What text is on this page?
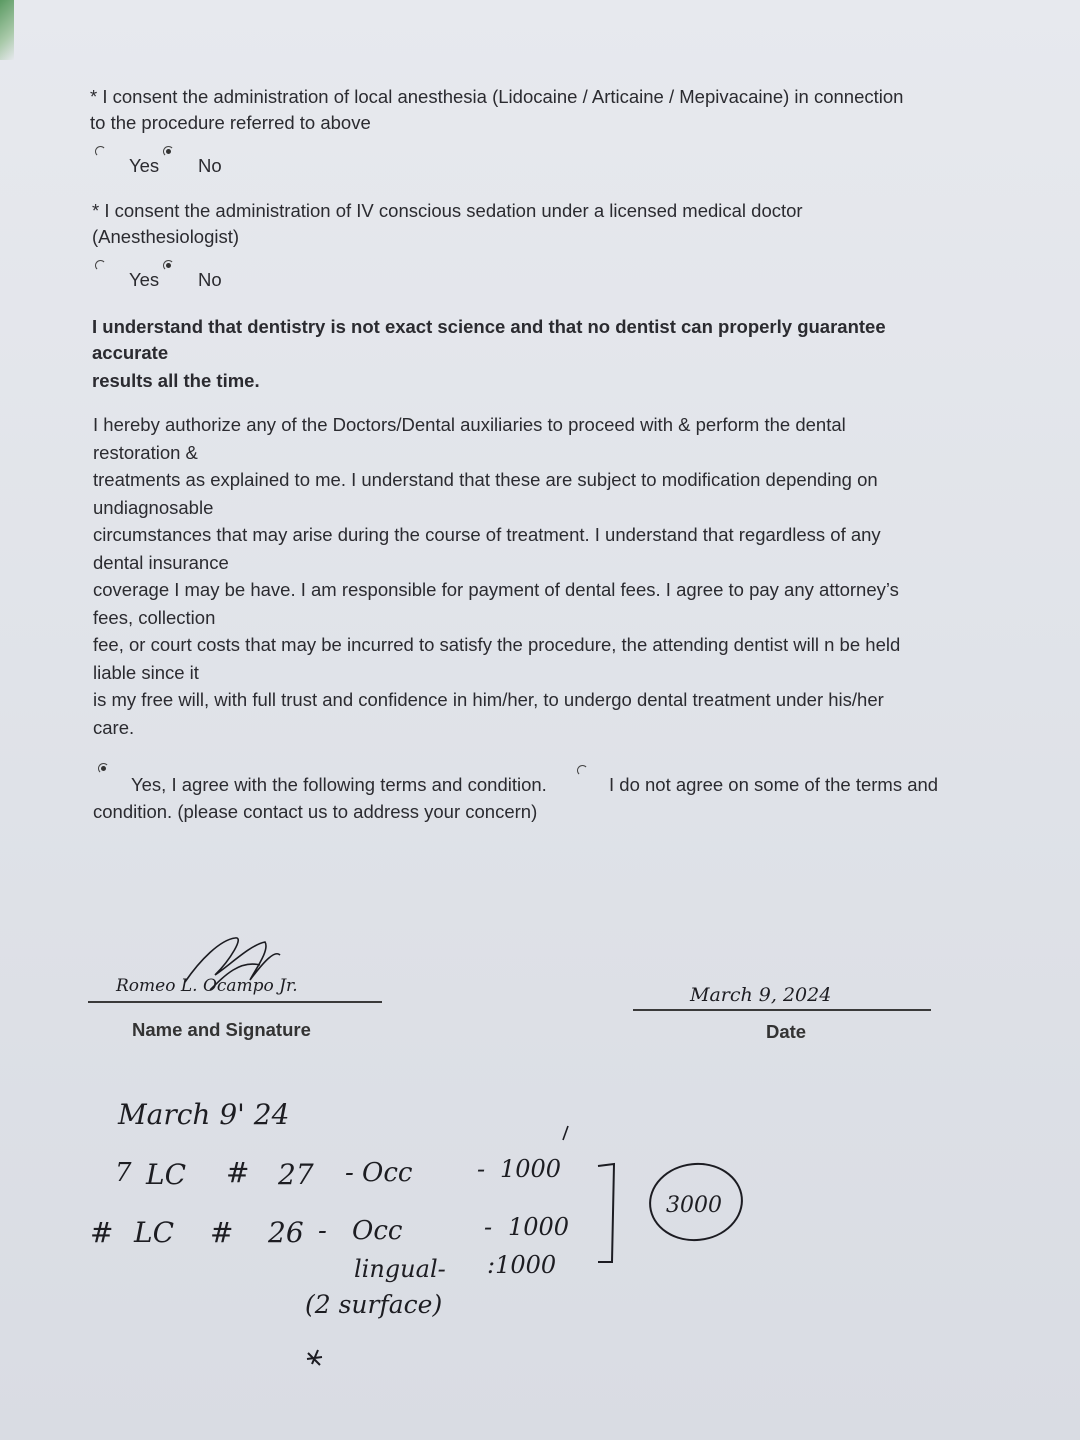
* I consent the administration of local anesthesia (Lidocaine / Articaine / Mepivacaine) in connection
to the procedure referred to above
Yes No
* I consent the administration of IV conscious sedation under a licensed medical doctor
(Anesthesiologist)
Yes No
I understand that dentistry is not exact science and that no dentist can properly guarantee
accurate
results all the time.
I hereby authorize any of the Doctors/Dental auxiliaries to proceed with & perform the dental
restoration &
treatments as explained to me. I understand that these are subject to modification depending on
undiagnosable
circumstances that may arise during the course of treatment. I understand that regardless of any
dental insurance
coverage I may be have. I am responsible for payment of dental fees. I agree to pay any attorney’s
fees, collection
fee, or court costs that may be incurred to satisfy the procedure, the attending dentist will n be held
liable since it
is my free will, with full trust and confidence in him/her, to undergo dental treatment under his/her
care.
Yes, I agree with the following terms and condition.	I do not agree on some of the terms and
condition. (please contact us to address your concern)
Romeo L. Ocampo Jr.
Name and Signature
March 9, 2024
Date
March 9' 24
7 LC # 27 - Occ	- 1000
# LC # 26 - Occ	- 1000
lingual- :1000
(2 surface)
3000
